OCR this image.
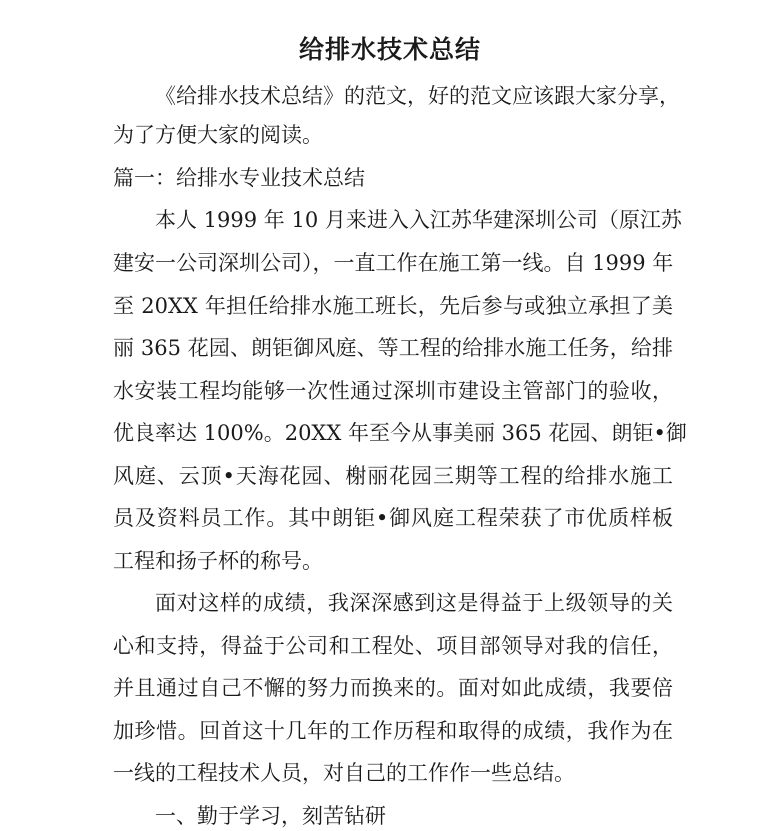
给排水技术总结
《给排水技术总结》的范文，好的范文应该跟大家分享，
为了方便大家的阅读。
篇一：给排水专业技术总结
本人 1999 年 10 月来进入入江苏华建深圳公司（原江苏
建安一公司深圳公司），一直工作在施工第一线。自 1999 年
至 20XX 年担任给排水施工班长，先后参与或独立承担了美
丽 365 花园、朗钜御风庭、等工程的给排水施工任务，给排
水安装工程均能够一次性通过深圳市建设主管部门的验收，
优良率达 100%。20XX 年至今从事美丽 365 花园、朗钜•御
风庭、云顶•天海花园、榭丽花园三期等工程的给排水施工
员及资料员工作。其中朗钜•御风庭工程荣获了市优质样板
工程和扬子杯的称号。
面对这样的成绩，我深深感到这是得益于上级领导的关
心和支持，得益于公司和工程处、项目部领导对我的信任，
并且通过自己不懈的努力而换来的。面对如此成绩，我要倍
加珍惜。回首这十几年的工作历程和取得的成绩，我作为在
一线的工程技术人员，对自己的工作作一些总结。
一、勤于学习，刻苦钻研
